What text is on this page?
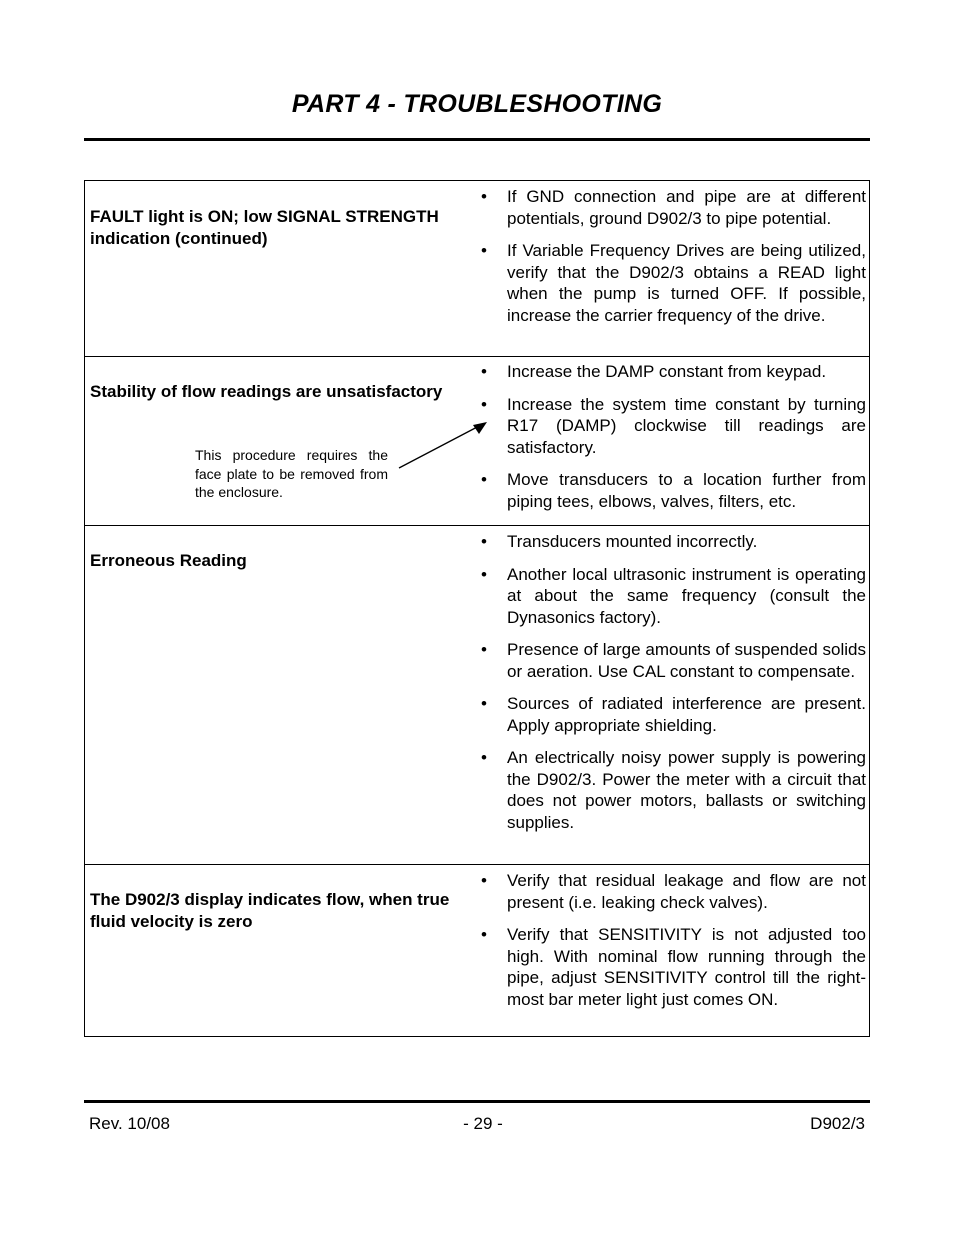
PART 4 - TROUBLESHOOTING
FAULT light is ON; low SIGNAL STRENGTH indication (continued)
• If GND connection and pipe are at different potentials, ground D902/3 to pipe potential.
• If Variable Frequency Drives are being utilized, verify that the D902/3 obtains a READ light when the pump is turned OFF. If possible, increase the carrier frequency of the drive.
Stability of flow readings are unsatisfactory
This procedure requires the face plate to be removed from the enclosure.
• Increase the DAMP constant from keypad.
• Increase the system time constant by turning R17 (DAMP) clockwise till readings are satisfactory.
• Move transducers to a location further from piping tees, elbows, valves, filters, etc.
Erroneous Reading
• Transducers mounted incorrectly.
• Another local ultrasonic instrument is operating at about the same frequency (consult the Dynasonics factory).
• Presence of large amounts of suspended solids or aeration. Use CAL constant to compensate.
• Sources of radiated interference are present. Apply appropriate shielding.
• An electrically noisy power supply is powering the D902/3. Power the meter with a circuit that does not power motors, ballasts or switching supplies.
The D902/3 display indicates flow, when true fluid velocity is zero
• Verify that residual leakage and flow are not present (i.e. leaking check valves).
• Verify that SENSITIVITY is not adjusted too high. With nominal flow running through the pipe, adjust SENSITIVITY control till the right-most bar meter light just comes ON.
Rev. 10/08	- 29 -	D902/3
